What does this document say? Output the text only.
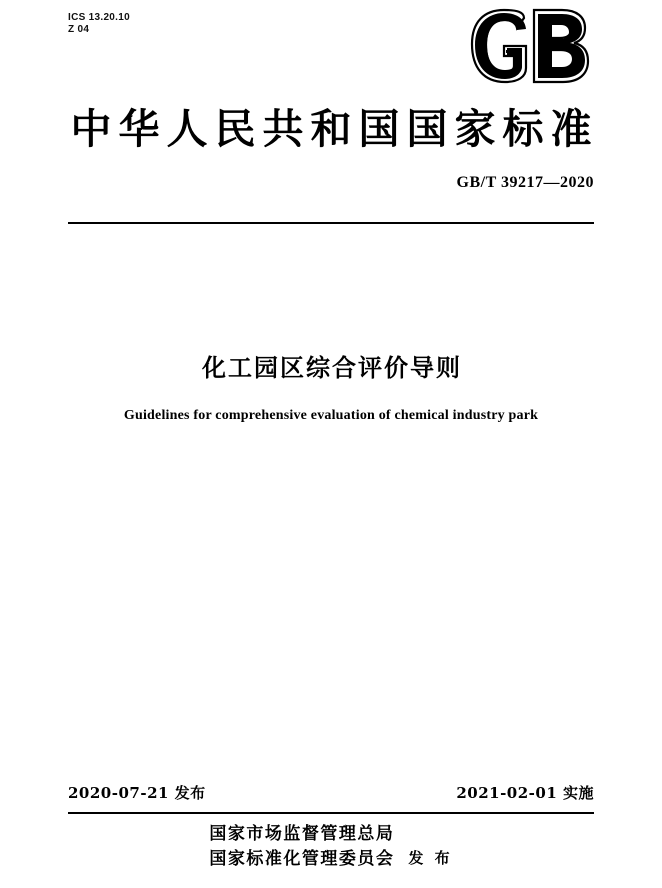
ICS 13.20.10
Z 04
中华人民共和国国家标准
GB/T 39217—2020
化工园区综合评价导则
Guidelines for comprehensive evaluation of chemical industry park
2020-07-21 发布	2021-02-01 实施
国家市场监督管理总局
国家标准化管理委员会 发 布
